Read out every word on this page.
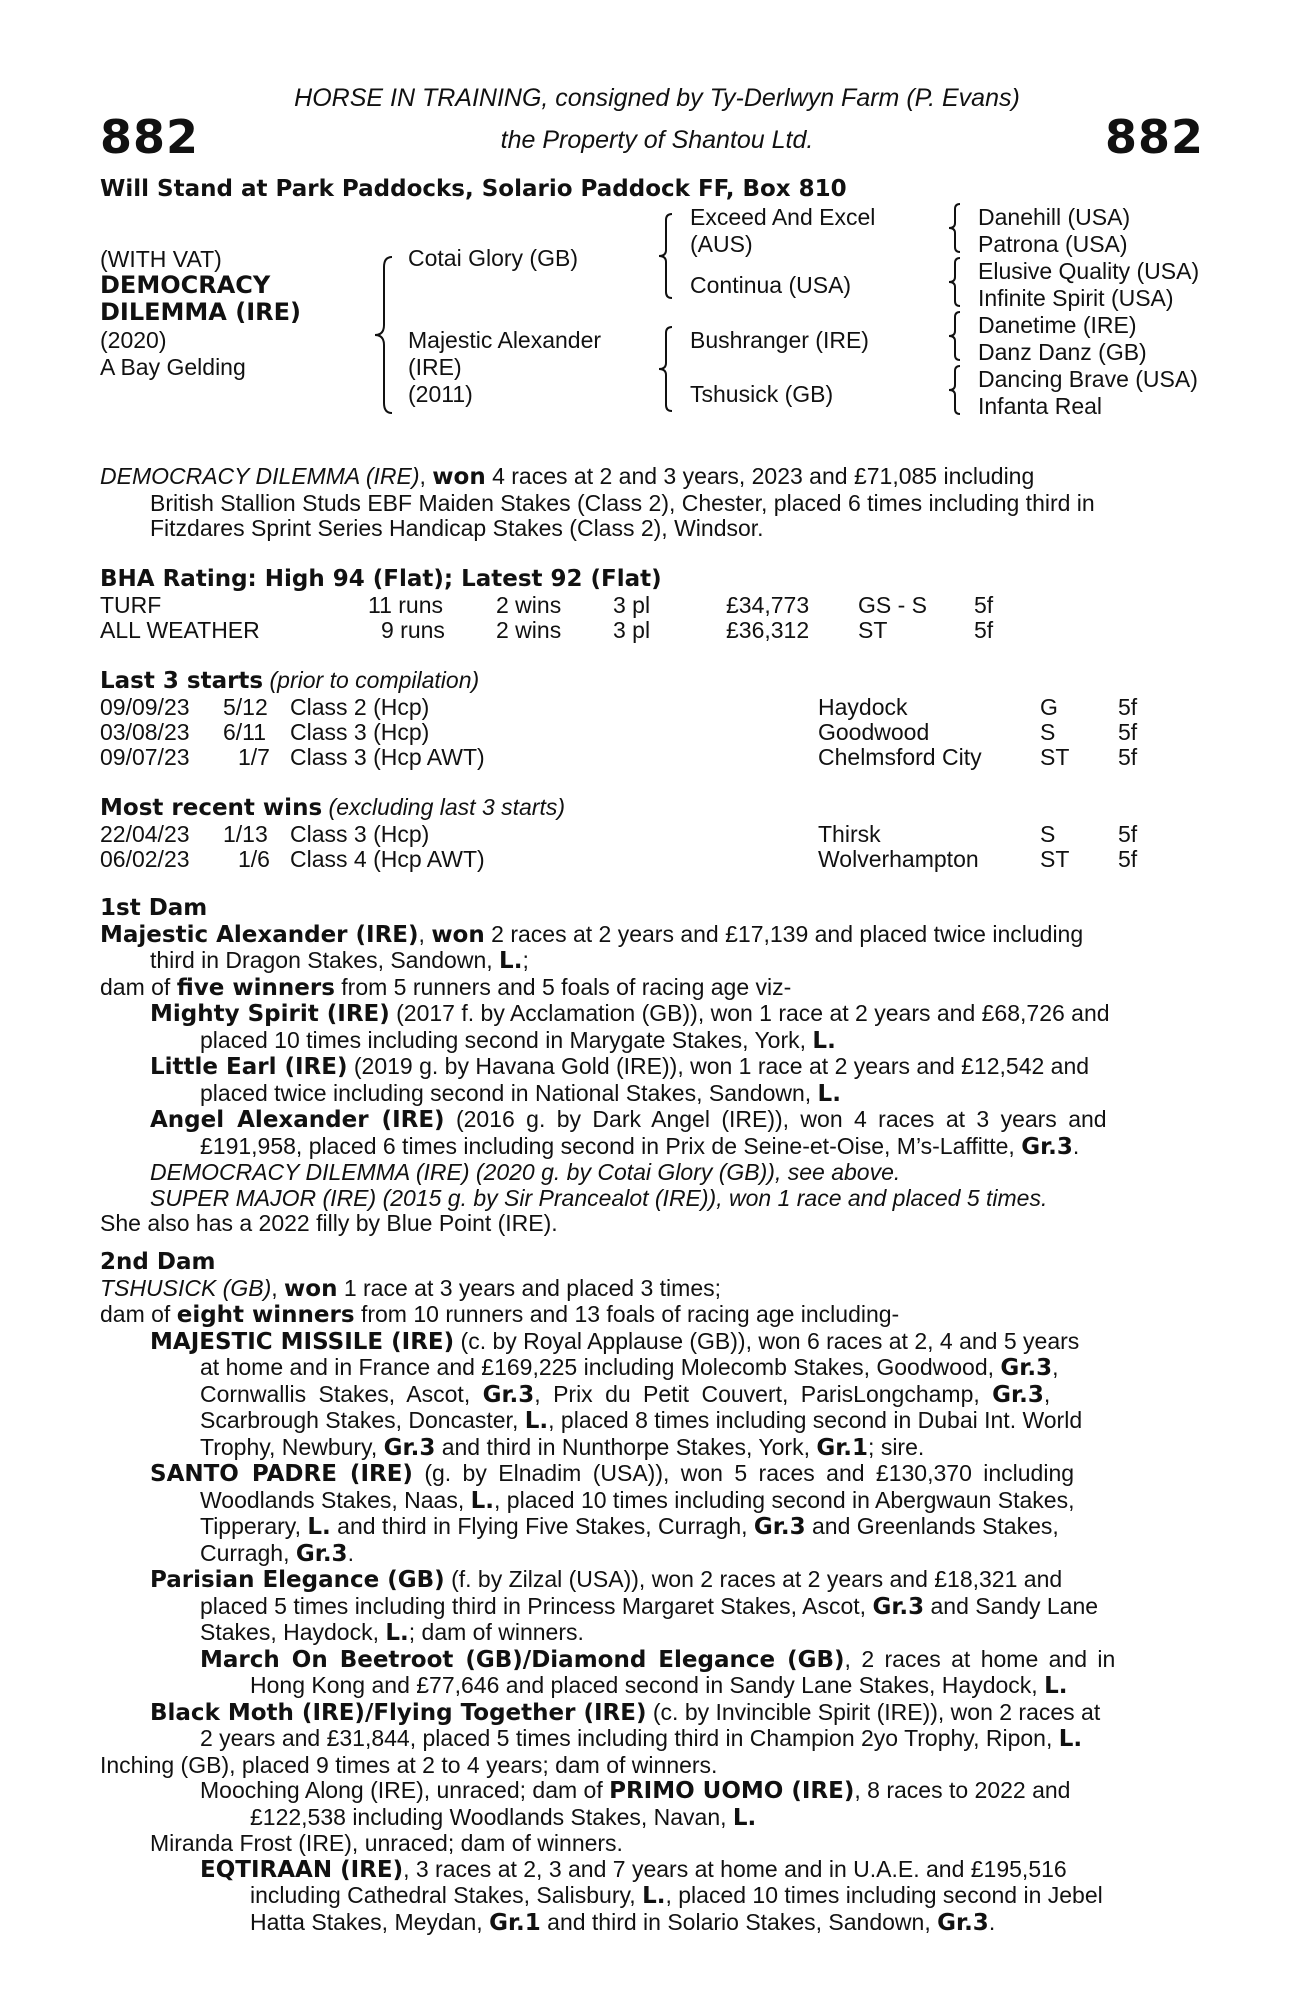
882	882
HORSE IN TRAINING, consigned by Ty-Derlwyn Farm (P. Evans)
the Property of Shantou Ltd.
Will Stand at Park Paddocks, Solario Paddock FF, Box 810
(WITH VAT)
DEMOCRACY
DILEMMA (IRE)
(2020)
A Bay Gelding
Cotai Glory (GB)
Majestic Alexander
(IRE)
(2011)
Exceed And Excel
(AUS)
Continua (USA)
Bushranger (IRE)
Tshusick (GB)
Danehill (USA)
Patrona (USA)
Elusive Quality (USA)
Infinite Spirit (USA)
Danetime (IRE)
Danz Danz (GB)
Dancing Brave (USA)
Infanta Real
DEMOCRACY DILEMMA (IRE), won 4 races at 2 and 3 years, 2023 and £71,085 including
British Stallion Studs EBF Maiden Stakes (Class 2), Chester, placed 6 times including third in
Fitzdares Sprint Series Handicap Stakes (Class 2), Windsor.
BHA Rating: High 94 (Flat); Latest 92 (Flat)
TURF	11 runs 2 wins 3 pl	£34,773 GS - S 5f
ALL WEATHER	9 runs 2 wins 3 pl	£36,312 ST	5f
Last 3 starts (prior to compilation)
09/09/23 5/12 Class 2 (Hcp)	Haydock	G	5f
03/08/23 6/11 Class 3 (Hcp)	Goodwood	S	5f
09/07/23 1/7 Class 3 (Hcp AWT)	Chelmsford City	ST 5f
Most recent wins (excluding last 3 starts)
22/04/23 1/13 Class 3 (Hcp)	Thirsk	S	5f
06/02/23 1/6 Class 4 (Hcp AWT)	Wolverhampton	ST 5f
1st Dam
Majestic Alexander (IRE), won 2 races at 2 years and £17,139 and placed twice including
third in Dragon Stakes, Sandown, L.;
dam of five winners from 5 runners and 5 foals of racing age viz-
Mighty Spirit (IRE) (2017 f. by Acclamation (GB)), won 1 race at 2 years and £68,726 and
placed 10 times including second in Marygate Stakes, York, L.
Little Earl (IRE) (2019 g. by Havana Gold (IRE)), won 1 race at 2 years and £12,542 and
placed twice including second in National Stakes, Sandown, L.
Angel Alexander (IRE) (2016 g. by Dark Angel (IRE)), won 4 races at 3 years and
£191,958, placed 6 times including second in Prix de Seine-et-Oise, M’s-Laffitte, Gr.3.
DEMOCRACY DILEMMA (IRE) (2020 g. by Cotai Glory (GB)), see above.
SUPER MAJOR (IRE) (2015 g. by Sir Prancealot (IRE)), won 1 race and placed 5 times.
She also has a 2022 filly by Blue Point (IRE).
2nd Dam
TSHUSICK (GB), won 1 race at 3 years and placed 3 times;
dam of eight winners from 10 runners and 13 foals of racing age including-
MAJESTIC MISSILE (IRE) (c. by Royal Applause (GB)), won 6 races at 2, 4 and 5 years
at home and in France and £169,225 including Molecomb Stakes, Goodwood, Gr.3,
Cornwallis Stakes, Ascot, Gr.3, Prix du Petit Couvert, ParisLongchamp, Gr.3,
Scarbrough Stakes, Doncaster, L., placed 8 times including second in Dubai Int. World
Trophy, Newbury, Gr.3 and third in Nunthorpe Stakes, York, Gr.1; sire.
SANTO PADRE (IRE) (g. by Elnadim (USA)), won 5 races and £130,370 including
Woodlands Stakes, Naas, L., placed 10 times including second in Abergwaun Stakes,
Tipperary, L. and third in Flying Five Stakes, Curragh, Gr.3 and Greenlands Stakes,
Curragh, Gr.3.
Parisian Elegance (GB) (f. by Zilzal (USA)), won 2 races at 2 years and £18,321 and
placed 5 times including third in Princess Margaret Stakes, Ascot, Gr.3 and Sandy Lane
Stakes, Haydock, L.; dam of winners.
March On Beetroot (GB)/Diamond Elegance (GB), 2 races at home and in
Hong Kong and £77,646 and placed second in Sandy Lane Stakes, Haydock, L.
Black Moth (IRE)/Flying Together (IRE) (c. by Invincible Spirit (IRE)), won 2 races at
2 years and £31,844, placed 5 times including third in Champion 2yo Trophy, Ripon, L.
Inching (GB), placed 9 times at 2 to 4 years; dam of winners.
Mooching Along (IRE), unraced; dam of PRIMO UOMO (IRE), 8 races to 2022 and
£122,538 including Woodlands Stakes, Navan, L.
Miranda Frost (IRE), unraced; dam of winners.
EQTIRAAN (IRE), 3 races at 2, 3 and 7 years at home and in U.A.E. and £195,516
including Cathedral Stakes, Salisbury, L., placed 10 times including second in Jebel
Hatta Stakes, Meydan, Gr.1 and third in Solario Stakes, Sandown, Gr.3.
